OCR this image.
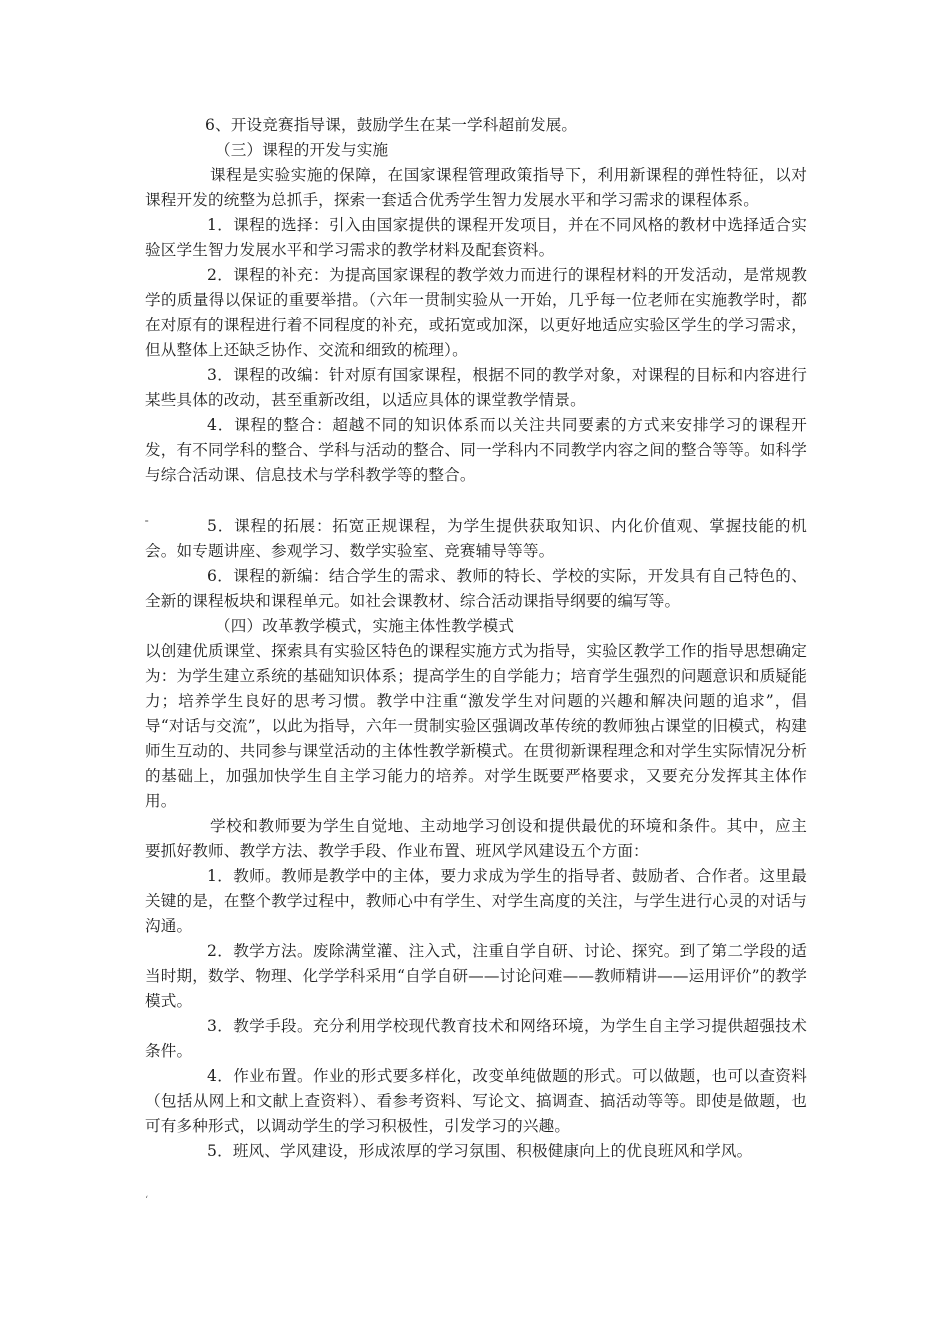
6、开设竞赛指导课，鼓励学生在某一学科超前发展。

（三）课程的开发与实施

课程是实验实施的保障，在国家课程管理政策指导下，利用新课程的弹性特征，以对课程开发的统整为总抓手，探索一套适合优秀学生智力发展水平和学习需求的课程体系。

1．课程的选择：引入由国家提供的课程开发项目，并在不同风格的教材中选择适合实验区学生智力发展水平和学习需求的教学材料及配套资料。

2．课程的补充：为提高国家课程的教学效力而进行的课程材料的开发活动，是常规教学的质量得以保证的重要举措。（六年一贯制实验从一开始，几乎每一位老师在实施教学时，都在对原有的课程进行着不同程度的补充，或拓宽或加深，以更好地适应实验区学生的学习需求，但从整体上还缺乏协作、交流和细致的梳理）。

3．课程的改编：针对原有国家课程，根据不同的教学对象，对课程的目标和内容进行某些具体的改动，甚至重新改组，以适应具体的课堂教学情景。

4．课程的整合：超越不同的知识体系而以关注共同要素的方式来安排学习的课程开发，有不同学科的整合、学科与活动的整合、同一学科内不同教学内容之间的整合等等。如科学与综合活动课、信息技术与学科教学等的整合。

5．课程的拓展：拓宽正规课程，为学生提供获取知识、内化价值观、掌握技能的机会。如专题讲座、参观学习、数学实验室、竞赛辅导等等。

6．课程的新编：结合学生的需求、教师的特长、学校的实际，开发具有自己特色的、全新的课程板块和课程单元。如社会课教材、综合活动课指导纲要的编写等。

（四）改革教学模式，实施主体性教学模式

以创建优质课堂、探索具有实验区特色的课程实施方式为指导，实验区教学工作的指导思想确定为：为学生建立系统的基础知识体系；提高学生的自学能力；培育学生强烈的问题意识和质疑能力；培养学生良好的思考习惯。教学中注重“激发学生对问题的兴趣和解决问题的追求”，倡导“对话与交流”，以此为指导，六年一贯制实验区强调改革传统的教师独占课堂的旧模式，构建师生互动的、共同参与课堂活动的主体性教学新模式。在贯彻新课程理念和对学生实际情况分析的基础上，加强加快学生自主学习能力的培养。对学生既要严格要求，又要充分发挥其主体作用。

学校和教师要为学生自觉地、主动地学习创设和提供最优的环境和条件。其中，应主要抓好教师、教学方法、教学手段、作业布置、班风学风建设五个方面：

1．教师。教师是教学中的主体，要力求成为学生的指导者、鼓励者、合作者。这里最关键的是，在整个教学过程中，教师心中有学生、对学生高度的关注，与学生进行心灵的对话与沟通。

2．教学方法。废除满堂灌、注入式，注重自学自研、讨论、探究。到了第二学段的适当时期，数学、物理、化学学科采用“自学自研——讨论问难——教师精讲——运用评价”的教学模式。

3．教学手段。充分利用学校现代教育技术和网络环境，为学生自主学习提供超强技术条件。

4．作业布置。作业的形式要多样化，改变单纯做题的形式。可以做题，也可以查资料（包括从网上和文献上查资料）、看参考资料、写论文、搞调查、搞活动等等。即使是做题，也可有多种形式，以调动学生的学习积极性，引发学习的兴趣。

5．班风、学风建设，形成浓厚的学习氛围、积极健康向上的优良班风和学风。

˭
‘
